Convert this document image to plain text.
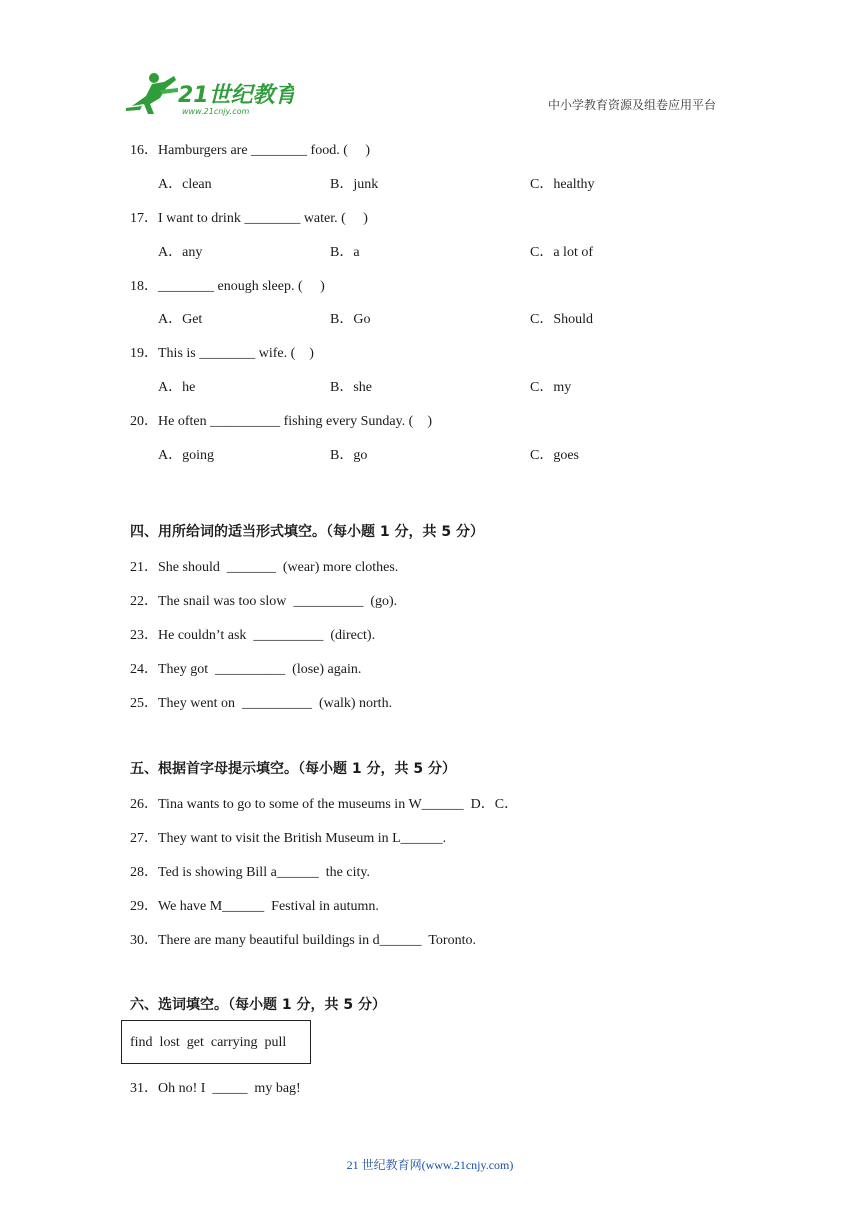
21世纪教育
www.21cnjy.com	中小学教育资源及组卷应用平台
16．Hamburgers are ________ food. (     )
A．clean	B．junk	C．healthy
17．I want to drink ________ water. (     )
A．any	B．a	C．a lot of
18．________ enough sleep. (     )
A．Get	B．Go	C．Should
19．This is ________ wife. (    )
A．he	B．she	C．my
20．He often __________ fishing every Sunday. (    )
A．going	B．go	C．goes
四、用所给词的适当形式填空。（每小题 1 分，共 5 分）
21．She should  _______  (wear) more clothes.
22．The snail was too slow  __________  (go).
23．He couldn’t ask  __________  (direct).
24．They got  __________  (lose) again.
25．They went on  __________  (walk) north.
五、根据首字母提示填空。（每小题 1 分，共 5 分）
26．Tina wants to go to some of the museums in W______  D．C．
27．They want to visit the British Museum in L______.
28．Ted is showing Bill a______  the city.
29．We have M______  Festival in autumn.
30．There are many beautiful buildings in d______  Toronto.
六、选词填空。（每小题 1 分，共 5 分）
find  lost  get  carrying  pull
31．Oh no! I  _____  my bag!
21 世纪教育网(www.21cnjy.com)
